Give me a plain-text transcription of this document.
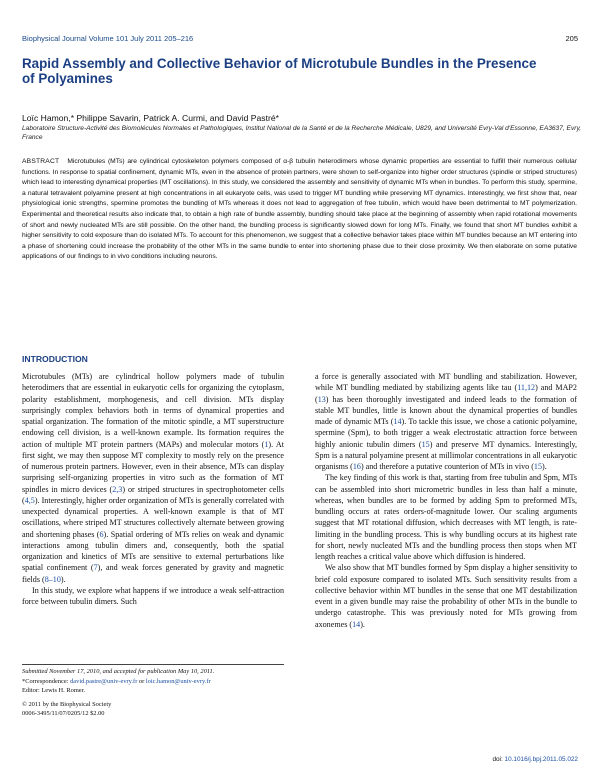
Biophysical Journal Volume 101 July 2011 205–216	205
Rapid Assembly and Collective Behavior of Microtubule Bundles in the Presence of Polyamines
Loïc Hamon,* Philippe Savarin, Patrick A. Curmi, and David Pastré*
Laboratoire Structure-Activité des Biomolécules Normales et Pathologiques, Institut National de la Santé et de la Recherche Médicale, U829, and Université Evry-Val d'Essonne, EA3637, Evry, France
ABSTRACT Microtubules (MTs) are cylindrical cytoskeleton polymers composed of α-β tubulin heterodimers whose dynamic properties are essential to fulfill their numerous cellular functions. In response to spatial confinement, dynamic MTs, even in the absence of protein partners, were shown to self-organize into higher order structures (spindle or striped structures) which lead to interesting dynamical properties (MT oscillations). In this study, we considered the assembly and sensitivity of dynamic MTs when in bundles. To perform this study, spermine, a natural tetravalent polyamine present at high concentrations in all eukaryote cells, was used to trigger MT bundling while preserving MT dynamics. Interestingly, we first show that, near physiological ionic strengths, spermine promotes the bundling of MTs whereas it does not lead to aggregation of free tubulin, which would have been detrimental to MT polymerization. Experimental and theoretical results also indicate that, to obtain a high rate of bundle assembly, bundling should take place at the beginning of assembly when rapid rotational movements of short and newly nucleated MTs are still possible. On the other hand, the bundling process is significantly slowed down for long MTs. Finally, we found that short MT bundles exhibit a higher sensitivity to cold exposure than do isolated MTs. To account for this phenomenon, we suggest that a collective behavior takes place within MT bundles because an MT entering into a phase of shortening could increase the probability of the other MTs in the same bundle to enter into shortening phase due to their close proximity. We then elaborate on some putative applications of our findings to in vivo conditions including neurons.
INTRODUCTION

Microtubules (MTs) are cylindrical hollow polymers made of tubulin heterodimers that are essential in eukaryotic cells for organizing the cytoplasm, polarity establishment, morphogenesis, and cell division. MTs display surprisingly complex behaviors both in terms of dynamical properties and spatial organization. The formation of the mitotic spindle, a MT superstructure endowing cell division, is a well-known example. Its formation requires the action of multiple MT protein partners (MAPs) and molecular motors (1). At first sight, we may then suppose MT complexity to mostly rely on the presence of numerous protein partners. However, even in their absence, MTs can display surprising self-organizing properties in vitro such as the formation of MT spindles in micro devices (2,3) or striped structures in spectrophotometer cells (4,5). Interestingly, higher order organization of MTs is generally correlated with unexpected dynamical properties. A well-known example is that of MT oscillations, where striped MT structures collectively alternate between growing and shortening phases (6). Spatial ordering of MTs relies on weak and dynamic interactions among tubulin dimers and, consequently, both the spatial organization and kinetics of MTs are sensitive to external perturbations like spatial confinement (7), and weak forces generated by gravity and magnetic fields (8–10).

In this study, we explore what happens if we introduce a weak self-attraction force between tubulin dimers. Such

a force is generally associated with MT bundling and stabilization. However, while MT bundling mediated by stabilizing agents like tau (11,12) and MAP2 (13) has been thoroughly investigated and indeed leads to the formation of stable MT bundles, little is known about the dynamical properties of bundles made of dynamic MTs (14). To tackle this issue, we chose a cationic polyamine, spermine (Spm), to both trigger a weak electrostatic attraction force between highly anionic tubulin dimers (15) and preserve MT dynamics. Interestingly, Spm is a natural polyamine present at millimolar concentrations in all eukaryotic organisms (16) and therefore a putative counterion of MTs in vivo (15).

The key finding of this work is that, starting from free tubulin and Spm, MTs can be assembled into short micrometric bundles in less than half a minute, whereas, when bundles are to be formed by adding Spm to preformed MTs, bundling occurs at rates orders-of-magnitude lower. Our scaling arguments suggest that MT rotational diffusion, which decreases with MT length, is rate-limiting in the bundling process. This is why bundling occurs at its highest rate for short, newly nucleated MTs and the bundling process then stops when MT length reaches a critical value above which diffusion is hindered.

We also show that MT bundles formed by Spm display a higher sensitivity to brief cold exposure compared to isolated MTs. Such sensitivity results from a collective behavior within MT bundles in the sense that one MT destabilization event in a given bundle may raise the probability of other MTs in the bundle to undergo catastrophe. This was previously noted for MTs growing from axonemes (14).

Submitted November 17, 2010, and accepted for publication May 10, 2011.
*Correspondence: david.pastre@univ-evry.fr or loic.hamon@univ-evry.fr
Editor: Lewis H. Romer.
© 2011 by the Biophysical Society
0006-3495/11/07/0205/12 $2.00
doi: 10.1016/j.bpj.2011.05.022
